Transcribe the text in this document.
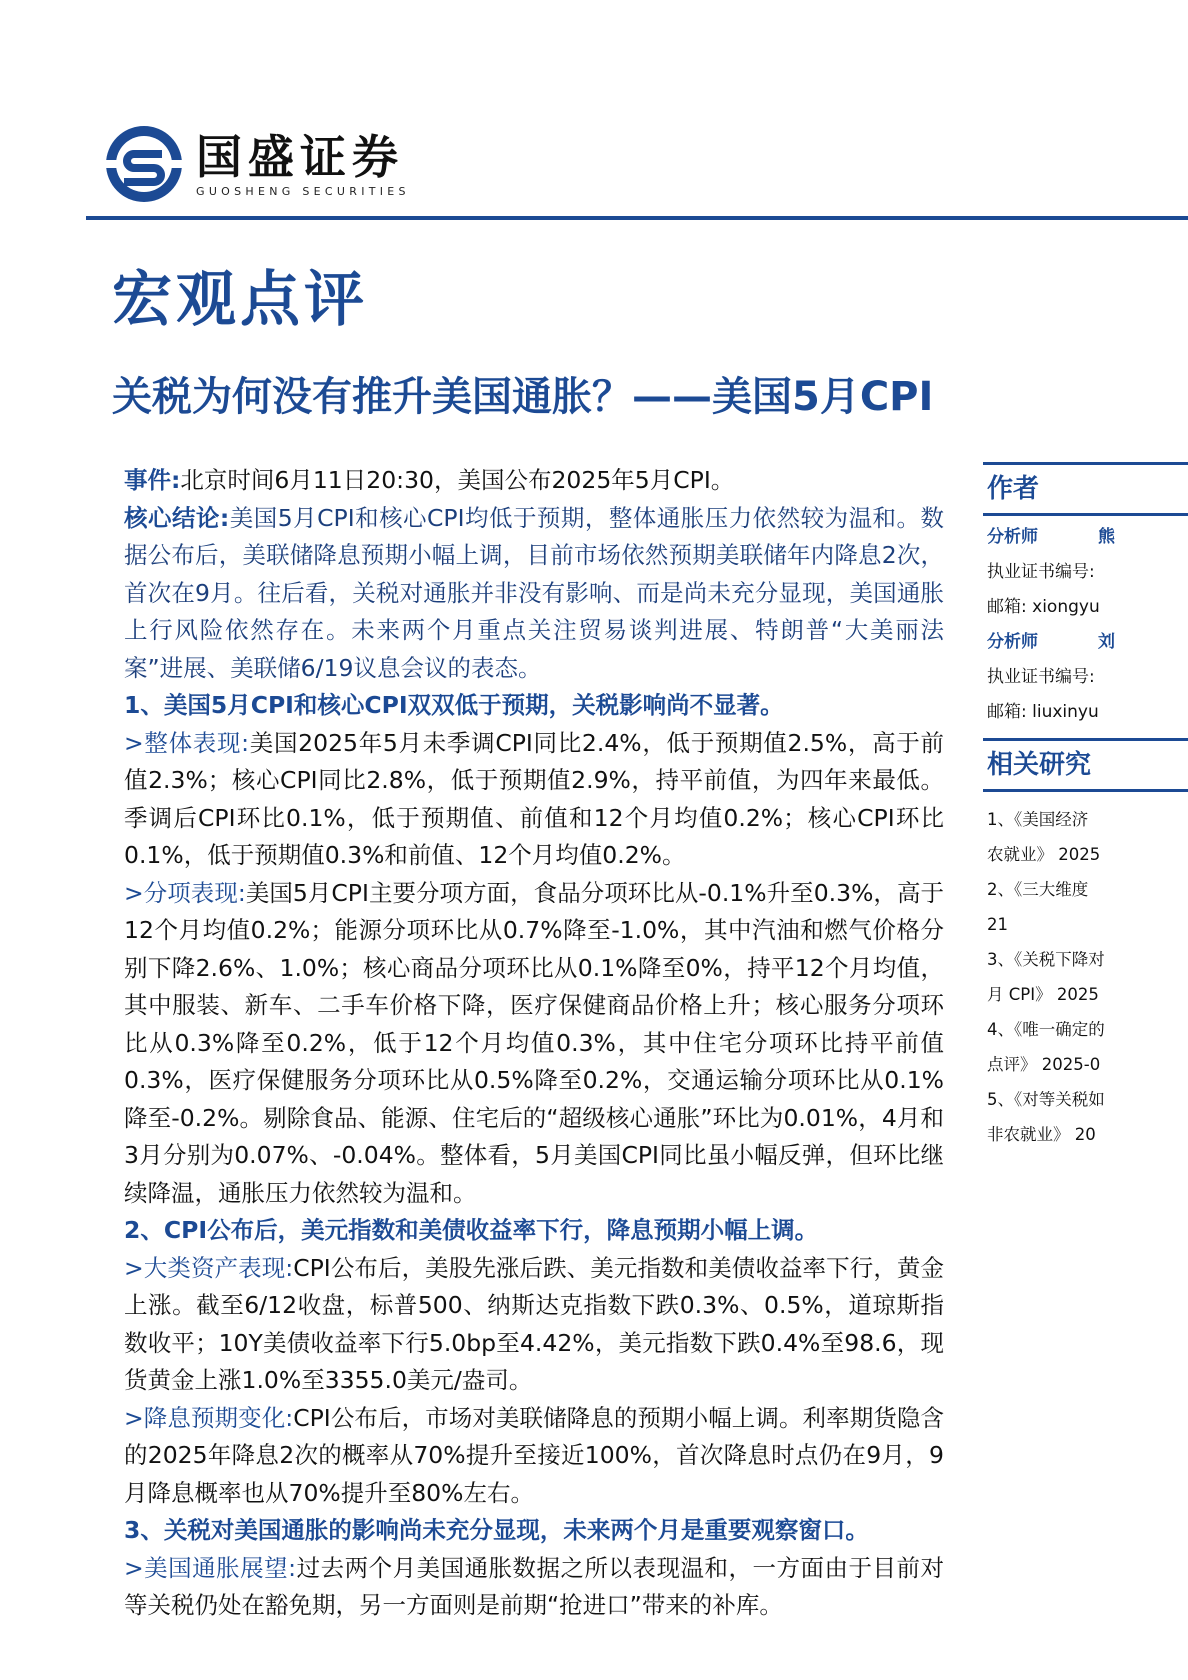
国盛证券
GUOSHENG SECURITIES
宏观点评
关税为何没有推升美国通胀？——美国5月CPI

事件:北京时间6月11日20:30，美国公布2025年5月CPI。

核心结论:美国5月CPI和核心CPI均低于预期，整体通胀压力依然较为温和。数据公布后，美联储降息预期小幅上调，目前市场依然预期美联储年内降息2次，首次在9月。往后看，关税对通胀并非没有影响、而是尚未充分显现，美国通胀上行风险依然存在。未来两个月重点关注贸易谈判进展、特朗普“大美丽法案”进展、美联储6/19议息会议的表态。

1、美国5月CPI和核心CPI双双低于预期，关税影响尚不显著。

>整体表现:美国2025年5月未季调CPI同比2.4%，低于预期值2.5%，高于前值2.3%；核心CPI同比2.8%，低于预期值2.9%，持平前值，为四年来最低。季调后CPI环比0.1%，低于预期值、前值和12个月均值0.2%；核心CPI环比0.1%，低于预期值0.3%和前值、12个月均值0.2%。

>分项表现:美国5月CPI主要分项方面，食品分项环比从-0.1%升至0.3%，高于12个月均值0.2%；能源分项环比从0.7%降至-1.0%，其中汽油和燃气价格分别下降2.6%、1.0%；核心商品分项环比从0.1%降至0%，持平12个月均值，其中服装、新车、二手车价格下降，医疗保健商品价格上升；核心服务分项环比从0.3%降至0.2%，低于12个月均值0.3%，其中住宅分项环比持平前值0.3%，医疗保健服务分项环比从0.5%降至0.2%，交通运输分项环比从0.1%降至-0.2%。剔除食品、能源、住宅后的“超级核心通胀”环比为0.01%，4月和3月分别为0.07%、-0.04%。整体看，5月美国CPI同比虽小幅反弹，但环比继续降温，通胀压力依然较为温和。

2、CPI公布后，美元指数和美债收益率下行，降息预期小幅上调。

>大类资产表现:CPI公布后，美股先涨后跌、美元指数和美债收益率下行，黄金上涨。截至6/12收盘，标普500、纳斯达克指数下跌0.3%、0.5%，道琼斯指数收平；10Y美债收益率下行5.0bp至4.42%，美元指数下跌0.4%至98.6，现货黄金上涨1.0%至3355.0美元/盎司。

>降息预期变化:CPI公布后，市场对美联储降息的预期小幅上调。利率期货隐含的2025年降息2次的概率从70%提升至接近100%，首次降息时点仍在9月，9月降息概率也从70%提升至80%左右。

3、关税对美国通胀的影响尚未充分显现，未来两个月是重要观察窗口。

>美国通胀展望:过去两个月美国通胀数据之所以表现温和，一方面由于目前对等关税仍处在豁免期，另一方面则是前期“抢进口”带来的补库。

作者
分析师	熊
执业证书编号:
邮箱: xiongyu
分析师	刘
执业证书编号:
邮箱: liuxinyu
相关研究
1、《美国经济
农就业》 2025
2、《三大维度
21
3、《关税下降对
月 CPI》 2025
4、《唯一确定的
点评》 2025-0
5、《对等关税如
非农就业》 20
